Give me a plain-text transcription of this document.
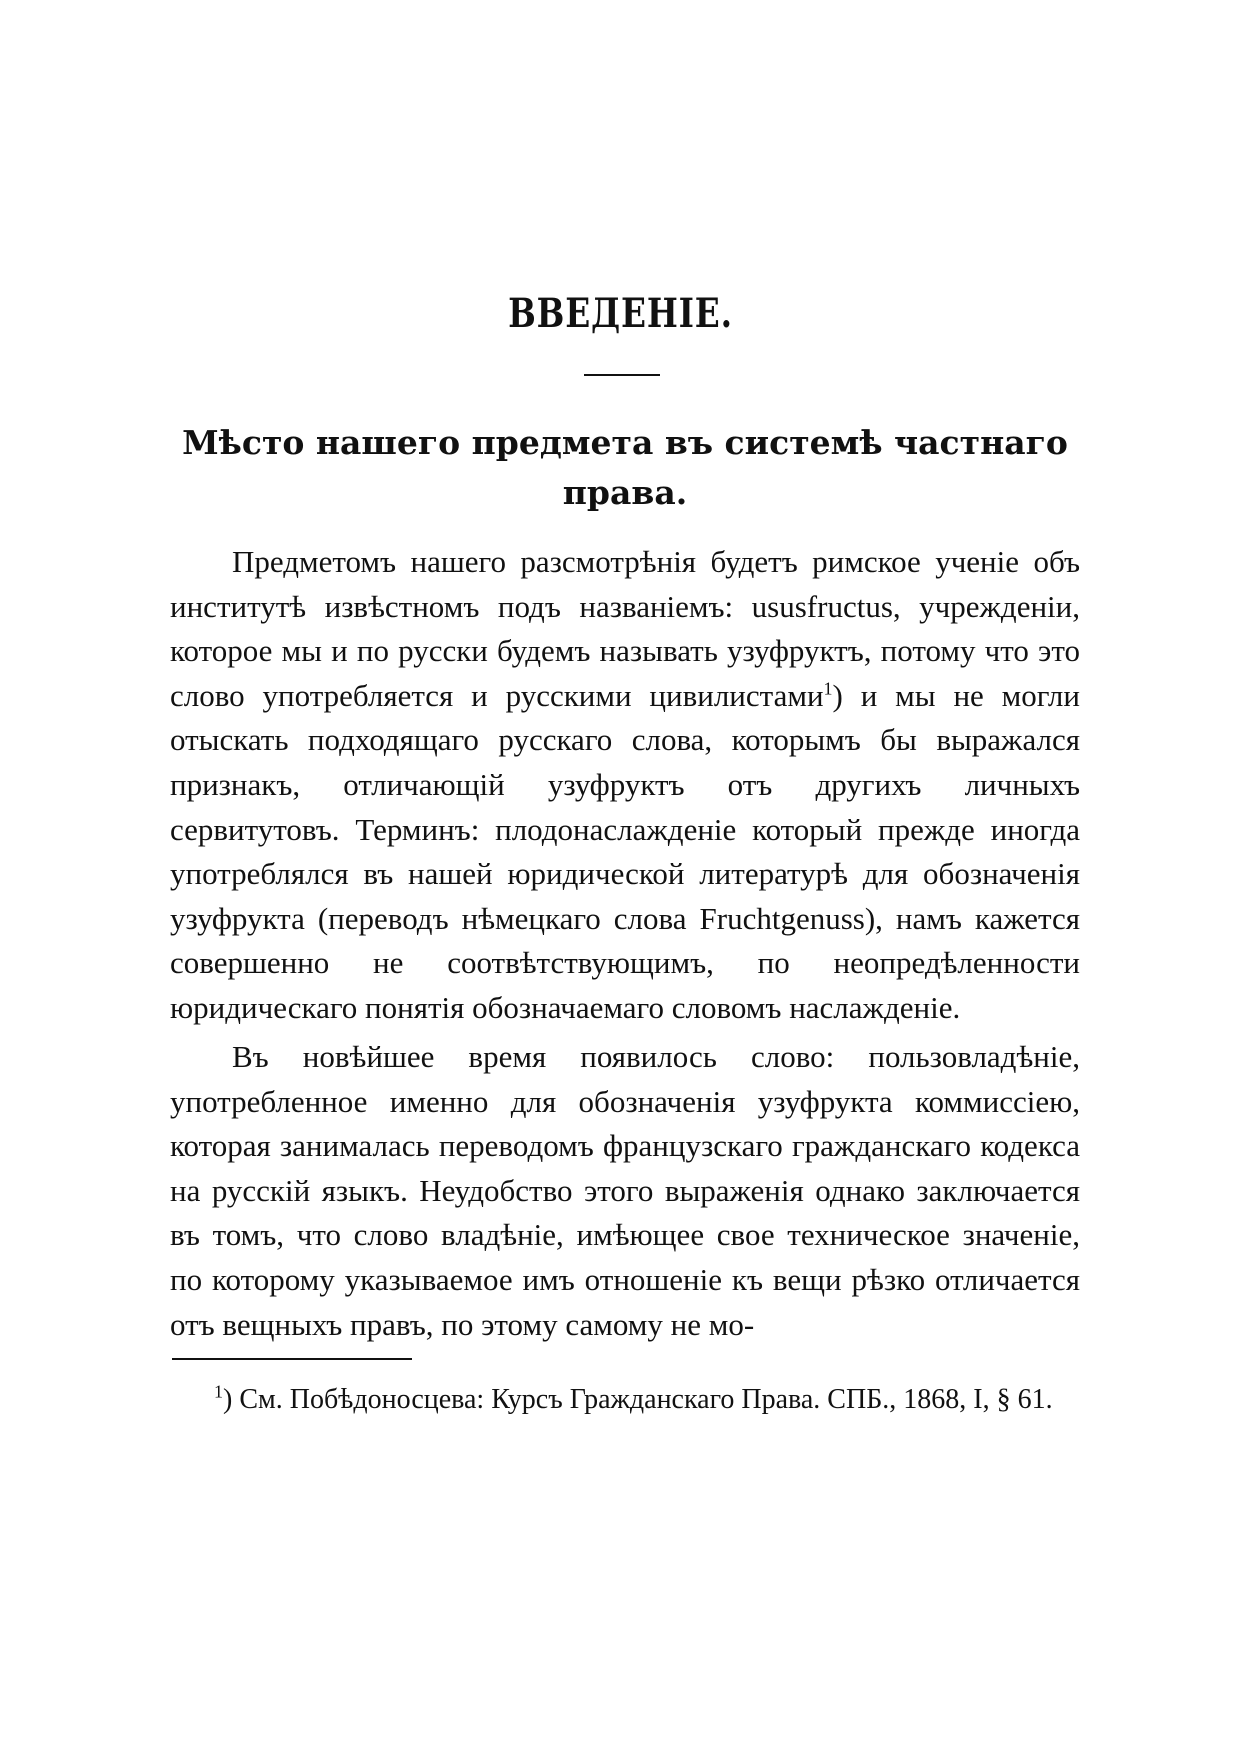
ВВЕДЕНІЕ.
Мѣсто нашего предмета въ системѣ частнаго права.

Предметомъ нашего разсмотрѣнія будетъ римское ученіе объ институтѣ извѣстномъ подъ названіемъ: ususfructus, учрежденіи, которое мы и по русски будемъ называть узуфруктъ, потому что это слово употребляется и русскими цивилистами$^1$) и мы не могли отыскать подходящаго русскаго слова, которымъ бы выражался признакъ, отличающій узуфруктъ отъ другихъ личныхъ сервитутовъ. Терминъ: плодонаслажденіе который прежде иногда употреблялся въ нашей юридической литературѣ для обозначенія узуфрукта (переводъ нѣмецкаго слова Fruchtgenuss), намъ кажется совершенно не соотвѣтствующимъ, по неопредѣленности юридическаго понятія обозначаемаго словомъ наслажденіе.

Въ новѣйшее время появилось слово: пользовладѣніе, употребленное именно для обозначенія узуфрукта коммиссіею, которая занималась переводомъ французскаго гражданскаго кодекса на русскій языкъ. Неудобство этого выраженія однако заключается въ томъ, что слово владѣніе, имѣющее свое техническое значеніе, по которому указываемое имъ отношеніе къ вещи рѣзко отличается отъ вещныхъ правъ, по этому самому не мо-

$^1$) См. Побѣдоносцева: Курсъ Гражданскаго Права. СПБ., 1868, I, § 61.
